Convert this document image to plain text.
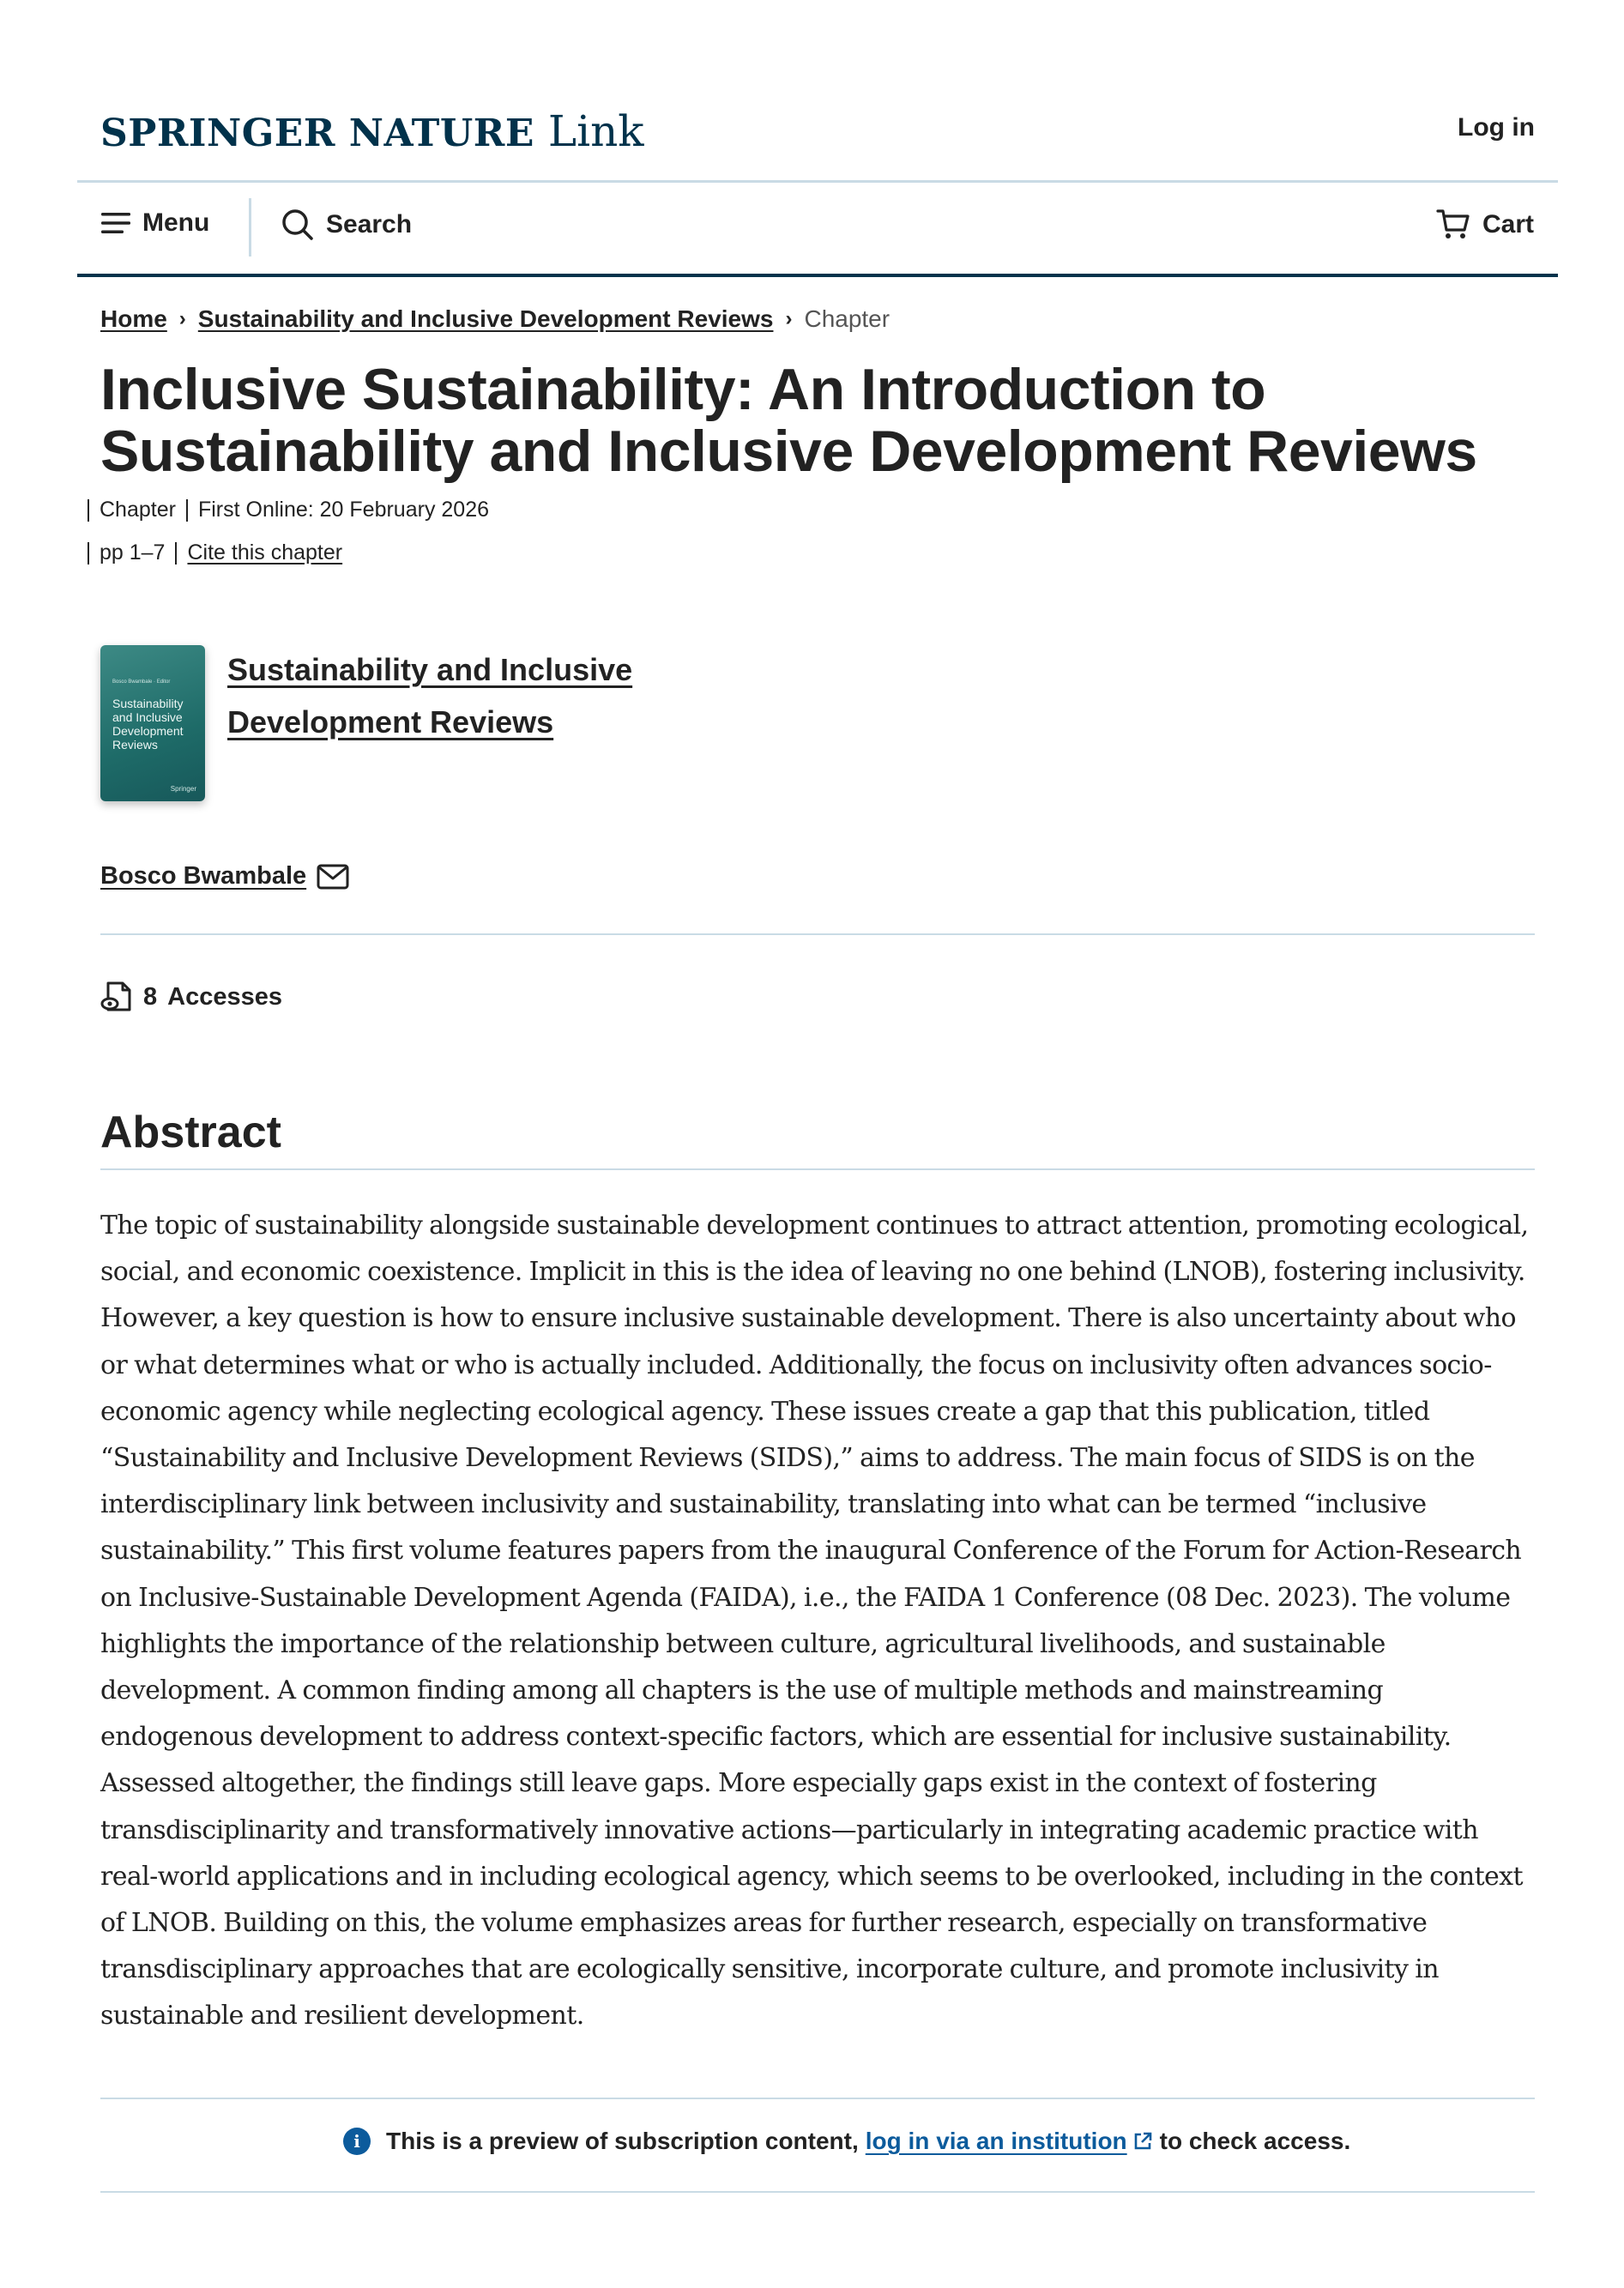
SPRINGER NATURE Link	Log in
Menu	Search	Cart
Home › Sustainability and Inclusive Development Reviews › Chapter
Inclusive Sustainability: An Introduction to Sustainability and Inclusive Development Reviews
Chapter First Online: 20 February 2026
pp 1–7 Cite this chapter
Bosco Bwambale · Editor
Sustainability and Inclusive Development Reviews
Springer
Sustainability and Inclusive Development Reviews
Bosco Bwambale
8 Accesses
Abstract

The topic of sustainability alongside sustainable development continues to attract attention, promoting ecological, social, and economic coexistence. Implicit in this is the idea of leaving no one behind (LNOB), fostering inclusivity. However, a key question is how to ensure inclusive sustainable development. There is also uncertainty about who or what determines what or who is actually included. Additionally, the focus on inclusivity often advances socio-economic agency while neglecting ecological agency. These issues create a gap that this publication, titled “Sustainability and Inclusive Development Reviews (SIDS),” aims to address. The main focus of SIDS is on the interdisciplinary link between inclusivity and sustainability, translating into what can be termed “inclusive sustainability.” This first volume features papers from the inaugural Conference of the Forum for Action-Research on Inclusive-Sustainable Development Agenda (FAIDA), i.e., the FAIDA 1 Conference (08 Dec. 2023). The volume highlights the importance of the relationship between culture, agricultural livelihoods, and sustainable development. A common finding among all chapters is the use of multiple methods and mainstreaming endogenous development to address context-specific factors, which are essential for inclusive sustainability. Assessed altogether, the findings still leave gaps. More especially gaps exist in the context of fostering transdisciplinarity and transformatively innovative actions—particularly in integrating academic practice with real-world applications and in including ecological agency, which seems to be overlooked, including in the context of LNOB. Building on this, the volume emphasizes areas for further research, especially on transformative transdisciplinary approaches that are ecologically sensitive, incorporate culture, and promote inclusivity in sustainable and resilient development.

i	This is a preview of subscription content, log in via an institution to check access.
